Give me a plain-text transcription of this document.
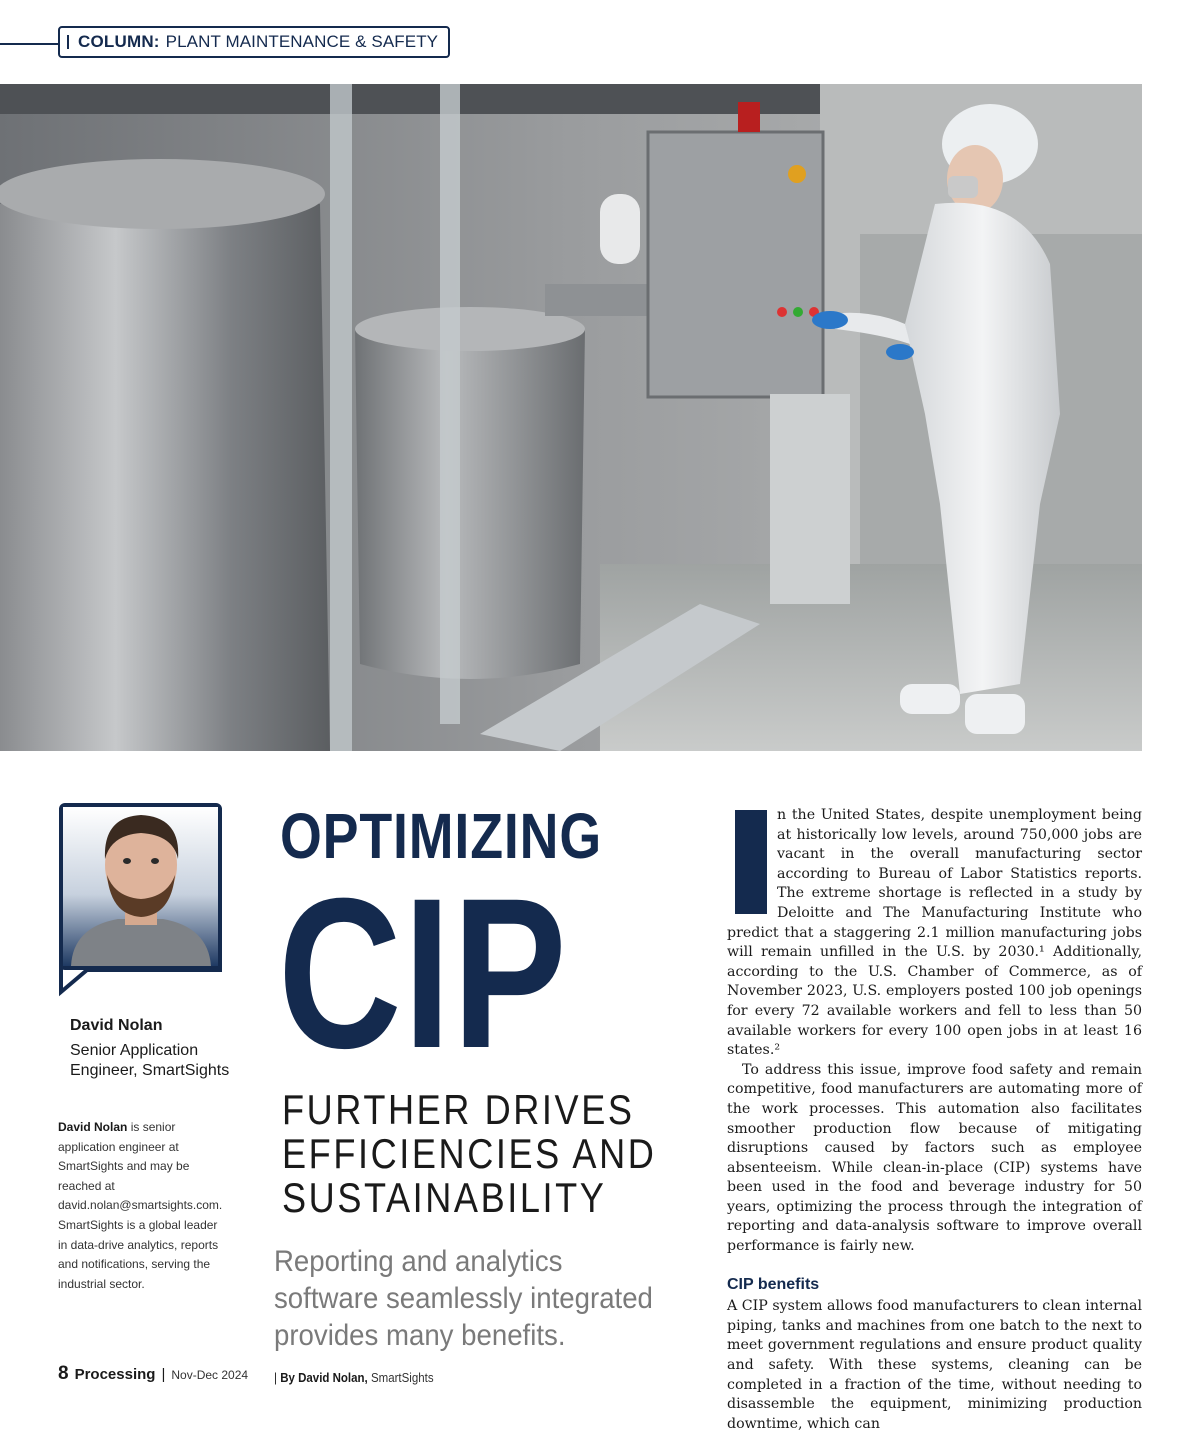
COLUMN: PLANT MAINTENANCE & SAFETY
David Nolan
Senior Application Engineer, SmartSights
David Nolan is senior application engineer at SmartSights and may be reached at david.nolan@smartsights.com. SmartSights is a global leader in data-drive analytics, reports and notifications, serving the industrial sector.
OPTIMIZING
CIP
FURTHER DRIVES EFFICIENCIES AND SUSTAINABILITY
Reporting and analytics software seamlessly integrated provides many benefits. | By David Nolan, SmartSights
I	n the United States, despite unemployment being at historically low levels, around 750,000 jobs are vacant in the overall manufacturing sector according to Bureau of Labor Statistics reports. The extreme shortage is reflected in a study by Deloitte and The Manufacturing Institute who predict that a staggering 2.1 million manufacturing jobs will remain unfilled in the U.S. by 2030.¹ Additionally, according to the U.S. Chamber of Commerce, as of November 2023, U.S. employers posted 100 job openings for every 72 available workers and fell to less than 50 available workers for every 100 open jobs in at least 16 states.²

To address this issue, improve food safety and remain competitive, food manufacturers are automating more of the work processes. This automation also facilitates smoother production flow because of mitigating disruptions caused by factors such as employee absenteeism. While clean-in-place (CIP) systems have been used in the food and beverage industry for 50 years, optimizing the process through the integration of reporting and data-analysis software to improve overall performance is fairly new.

CIP benefits

A CIP system allows food manufacturers to clean internal piping, tanks and machines from one batch to the next to meet government regulations and ensure product quality and safety. With these systems, cleaning can be completed in a fraction of the time, without needing to disassemble the equipment, minimizing production downtime, which can

8 Processing | Nov-Dec 2024
